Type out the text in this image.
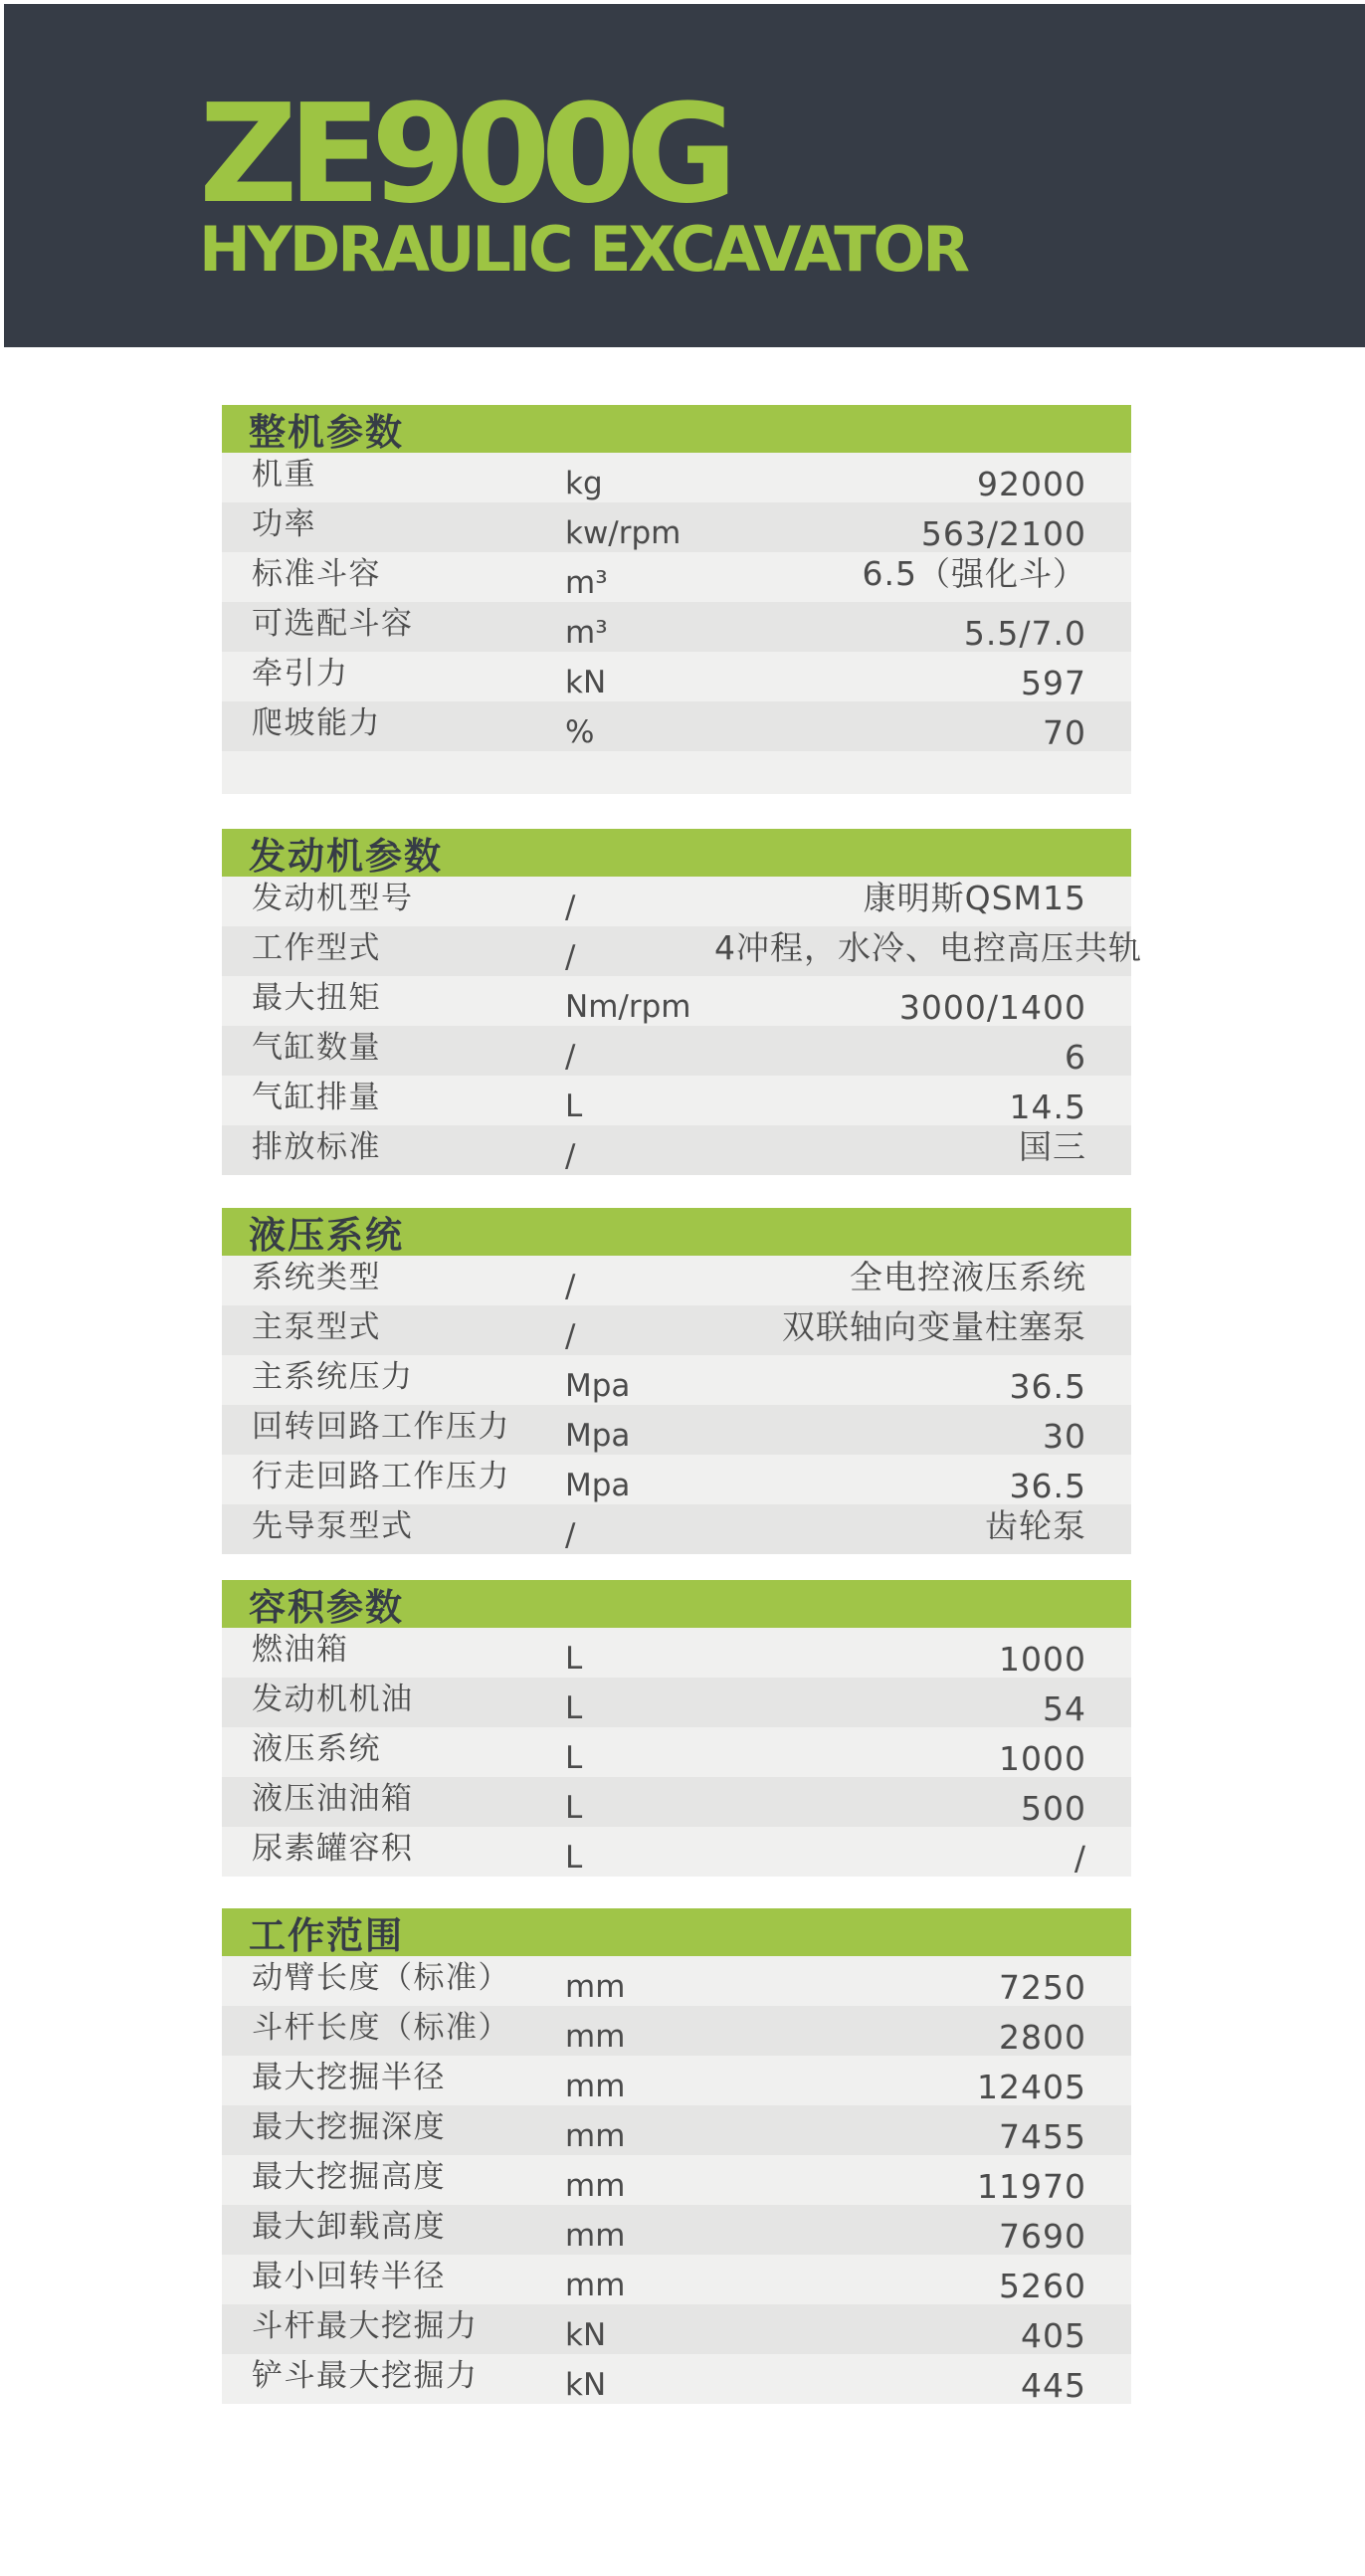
ZE900G
HYDRAULIC EXCAVATOR
整机参数
机重	kg	92000
功率	kw/rpm	563/2100
标准斗容	m³	6.5（强化斗）
可选配斗容	m³	5.5/7.0
牵引力	kN	597
爬坡能力	%	70
发动机参数
发动机型号	/	康明斯QSM15
工作型式	/	4冲程，水冷、电控高压共轨
最大扭矩	Nm/rpm	3000/1400
气缸数量	/	6
气缸排量	L	14.5
排放标准	/	国三
液压系统
系统类型	/	全电控液压系统
主泵型式	/	双联轴向变量柱塞泵
主系统压力	Mpa	36.5
回转回路工作压力	Mpa	30
行走回路工作压力	Mpa	36.5
先导泵型式	/	齿轮泵
容积参数
燃油箱	L	1000
发动机机油	L	54
液压系统	L	1000
液压油油箱	L	500
尿素罐容积	L	/
工作范围
动臂长度（标准）	mm	7250
斗杆长度（标准）	mm	2800
最大挖掘半径	mm	12405
最大挖掘深度	mm	7455
最大挖掘高度	mm	11970
最大卸载高度	mm	7690
最小回转半径	mm	5260
斗杆最大挖掘力	kN	405
铲斗最大挖掘力	kN	445
